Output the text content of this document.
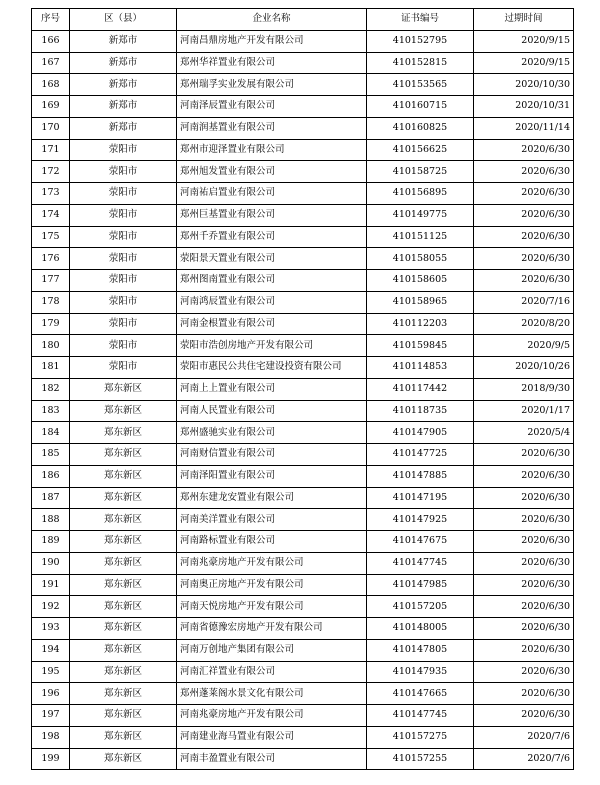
序号	区（县）	企业名称	证书编号	过期时间
166	新郑市	河南昌鼎房地产开发有限公司	410152795	2020/9/15
167	新郑市	郑州华祥置业有限公司	410152815	2020/9/15
168	新郑市	郑州瑞孚实业发展有限公司	410153565	2020/10/30
169	新郑市	河南泽辰置业有限公司	410160715	2020/10/31
170	新郑市	河南润基置业有限公司	410160825	2020/11/14
171	荥阳市	郑州市迎泽置业有限公司	410156625	2020/6/30
172	荥阳市	郑州旭发置业有限公司	410158725	2020/6/30
173	荥阳市	河南祐启置业有限公司	410156895	2020/6/30
174	荥阳市	郑州巨基置业有限公司	410149775	2020/6/30
175	荥阳市	郑州千乔置业有限公司	410151125	2020/6/30
176	荥阳市	荥阳景天置业有限公司	410158055	2020/6/30
177	荥阳市	郑州图南置业有限公司	410158605	2020/6/30
178	荥阳市	河南鸿辰置业有限公司	410158965	2020/7/16
179	荥阳市	河南金根置业有限公司	410112203	2020/8/20
180	荥阳市	荥阳市浩创房地产开发有限公司	410159845	2020/9/5
181	荥阳市	荥阳市惠民公共住宅建设投资有限公司	410114853	2020/10/26
182	郑东新区	河南上上置业有限公司	410117442	2018/9/30
183	郑东新区	河南人民置业有限公司	410118735	2020/1/17
184	郑东新区	郑州盛驰实业有限公司	410147905	2020/5/4
185	郑东新区	河南财信置业有限公司	410147725	2020/6/30
186	郑东新区	河南泽阳置业有限公司	410147885	2020/6/30
187	郑东新区	郑州东建龙安置业有限公司	410147195	2020/6/30
188	郑东新区	河南美洋置业有限公司	410147925	2020/6/30
189	郑东新区	河南路标置业有限公司	410147675	2020/6/30
190	郑东新区	河南兆豪房地产开发有限公司	410147745	2020/6/30
191	郑东新区	河南奥正房地产开发有限公司	410147985	2020/6/30
192	郑东新区	河南天悦房地产开发有限公司	410157205	2020/6/30
193	郑东新区	河南省德豫宏房地产开发有限公司	410148005	2020/6/30
194	郑东新区	河南万创地产集团有限公司	410147805	2020/6/30
195	郑东新区	河南汇祥置业有限公司	410147935	2020/6/30
196	郑东新区	郑州蓬莱阁水景文化有限公司	410147665	2020/6/30
197	郑东新区	河南兆豪房地产开发有限公司	410147745	2020/6/30
198	郑东新区	河南建业海马置业有限公司	410157275	2020/7/6
199	郑东新区	河南丰盈置业有限公司	410157255	2020/7/6
